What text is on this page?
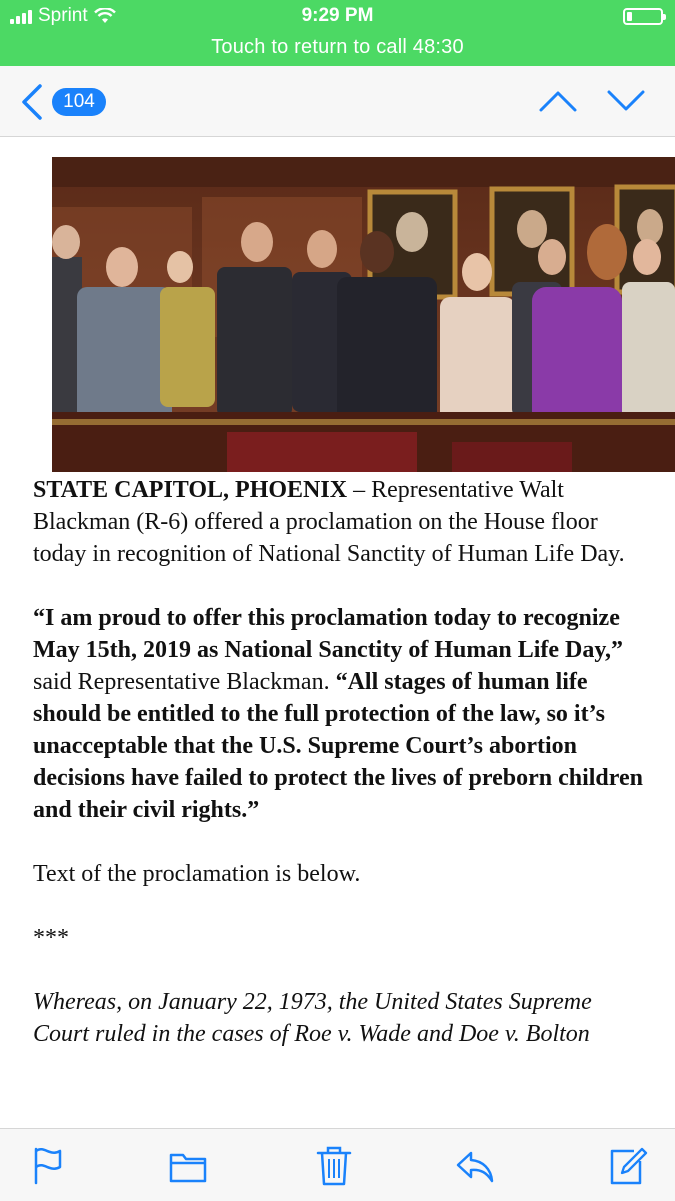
Sprint	9:29 PM
Touch to return to call 48:30
104

STATE CAPITOL, PHOENIX – Representative Walt Blackman (R-6) offered a proclamation on the House floor today in recognition of National Sanctity of Human Life Day.

“I am proud to offer this proclamation today to recognize May 15th, 2019 as National Sanctity of Human Life Day,” said Representative Blackman. “All stages of human life should be entitled to the full protection of the law, so it’s unacceptable that the U.S. Supreme Court’s abortion decisions have failed to protect the lives of preborn children and their civil rights.”

Text of the proclamation is below.

***

Whereas, on January 22, 1973, the United States Supreme Court ruled in the cases of Roe v. Wade and Doe v. Bolton
